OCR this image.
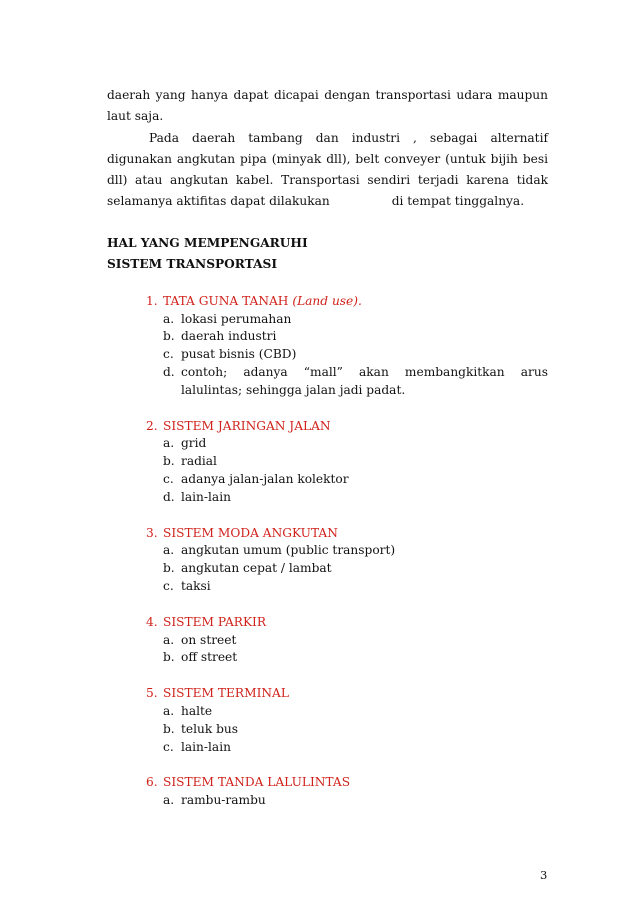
daerah yang hanya dapat dicapai dengan transportasi udara maupun laut saja.

Pada daerah tambang dan industri , sebagai alternatif digunakan angkutan pipa (minyak dll), belt conveyer (untuk bijih besi dll) atau angkutan kabel. Transportasi sendiri terjadi karena tidak selamanya aktifitas dapat dilakukan	di tempat tinggalnya.

HAL YANG MEMPENGARUHI
SISTEM TRANSPORTASI
1. TATA GUNA TANAH (Land use).
a. lokasi perumahan
b. daerah industri
c. pusat bisnis (CBD)
d. contoh; adanya “mall” akan membangkitkan arus lalulintas; sehingga jalan jadi padat.
2. SISTEM JARINGAN JALAN
a. grid
b. radial
c. adanya jalan-jalan kolektor
d. lain-lain
3. SISTEM MODA ANGKUTAN
a. angkutan umum (public transport)
b. angkutan cepat / lambat
c. taksi
4. SISTEM PARKIR
a. on street
b. off street
5. SISTEM TERMINAL
a. halte
b. teluk bus
c. lain-lain
6. SISTEM TANDA LALULINTAS
a. rambu-rambu
3
